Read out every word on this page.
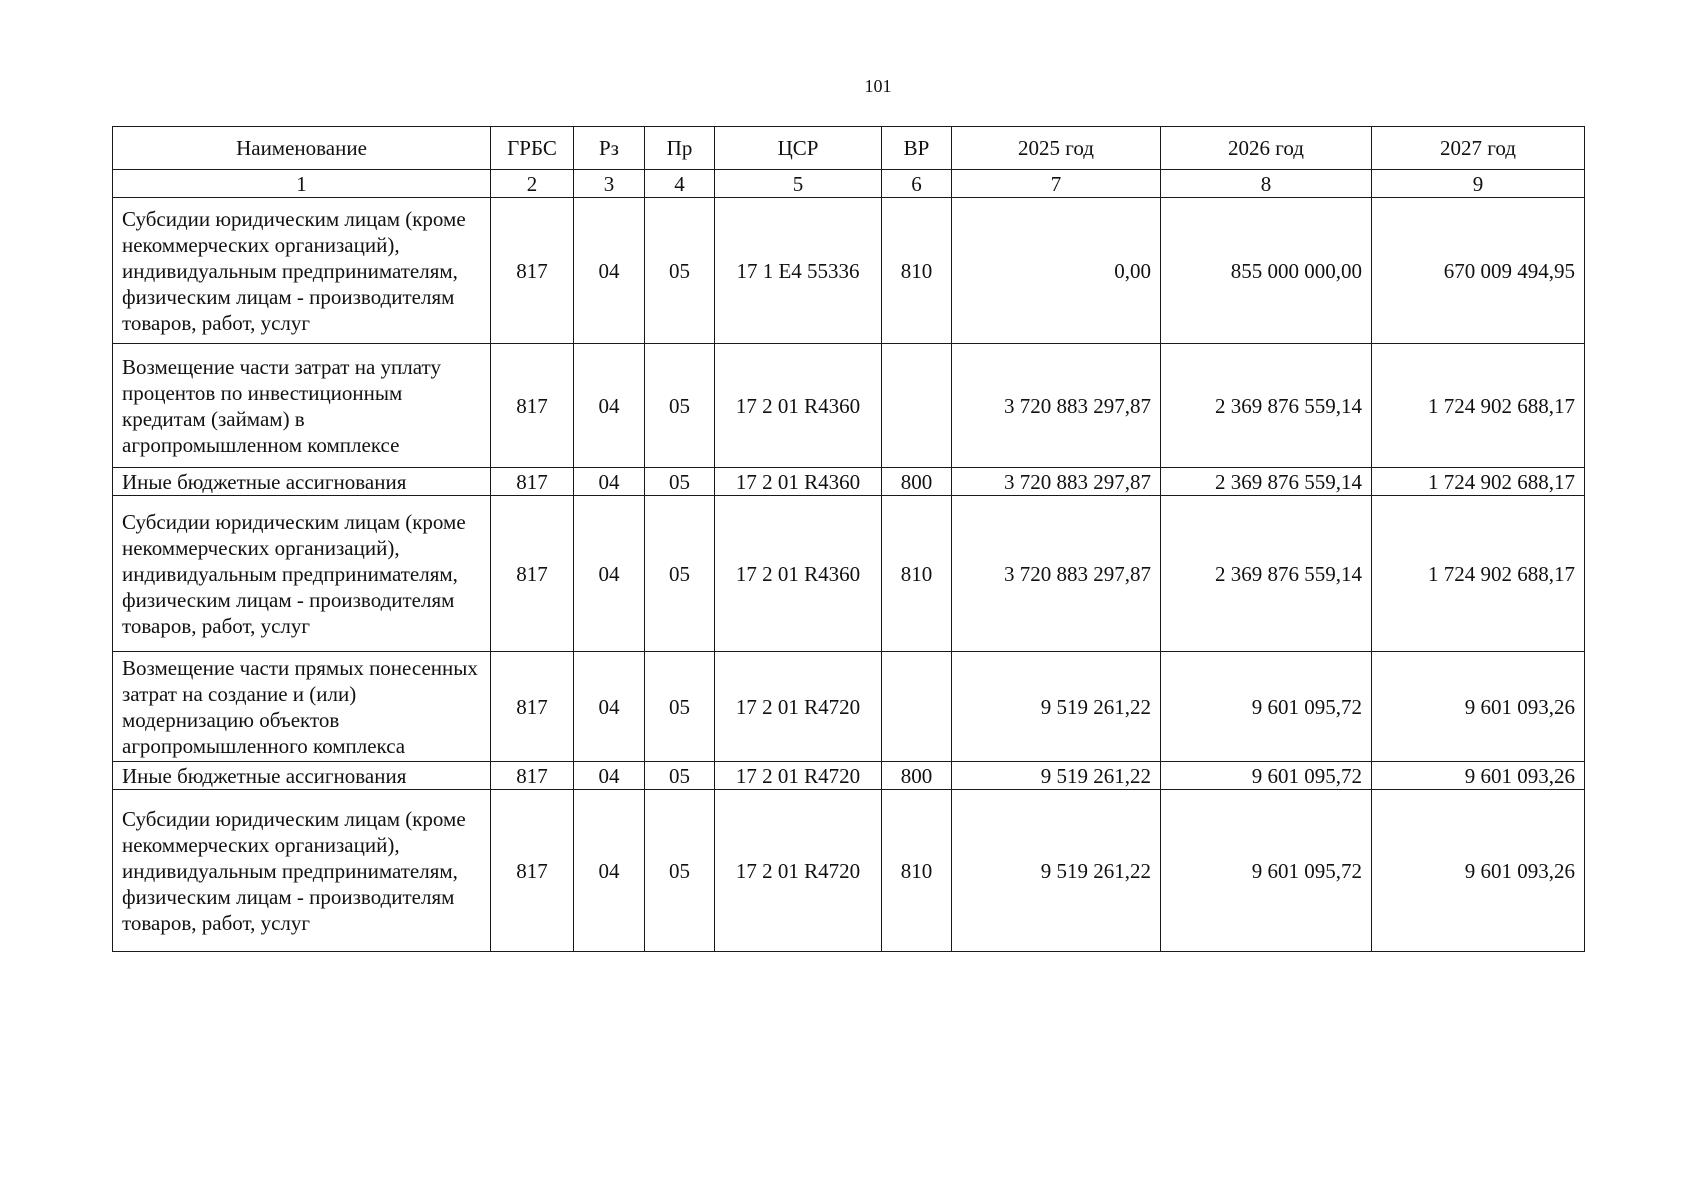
101
Наименование	ГРБС	Рз	Пр	ЦСР	ВР	2025 год	2026 год	2027 год
1	2	3	4	5	6	7	8	9
Субсидии юридическим лицам (кроме некоммерческих организаций), индивидуальным предпринимателям, физическим лицам - производителям товаров, работ, услуг	817	04	05	17 1 Е4 55336	810	0,00	855 000 000,00	670 009 494,95
Возмещение части затрат на уплату процентов по инвестиционным кредитам (займам) в агропромышленном комплексе	817	04	05	17 2 01 R4360		3 720 883 297,87	2 369 876 559,14	1 724 902 688,17
Иные бюджетные ассигнования	817	04	05	17 2 01 R4360	800	3 720 883 297,87	2 369 876 559,14	1 724 902 688,17
Субсидии юридическим лицам (кроме некоммерческих организаций), индивидуальным предпринимателям, физическим лицам - производителям товаров, работ, услуг	817	04	05	17 2 01 R4360	810	3 720 883 297,87	2 369 876 559,14	1 724 902 688,17
Возмещение части прямых понесенных затрат на создание и (или) модернизацию объектов агропромышленного комплекса	817	04	05	17 2 01 R4720		9 519 261,22	9 601 095,72	9 601 093,26
Иные бюджетные ассигнования	817	04	05	17 2 01 R4720	800	9 519 261,22	9 601 095,72	9 601 093,26
Субсидии юридическим лицам (кроме некоммерческих организаций), индивидуальным предпринимателям, физическим лицам - производителям товаров, работ, услуг	817	04	05	17 2 01 R4720	810	9 519 261,22	9 601 095,72	9 601 093,26
